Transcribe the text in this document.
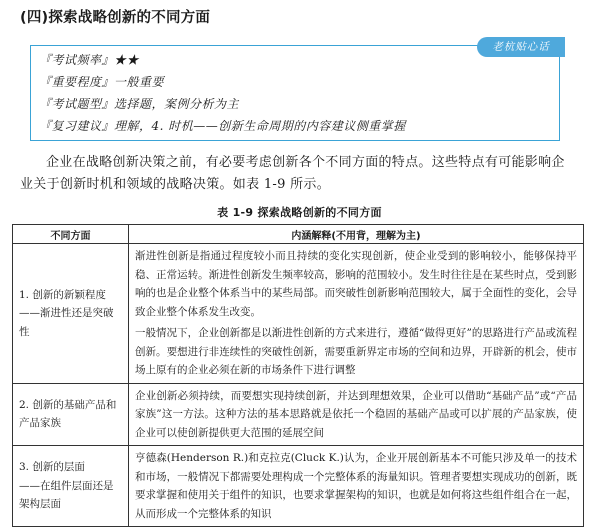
(四)探索战略创新的不同方面
老杭贴心话
『考试频率』★★
『重要程度』一般重要
『考试题型』选择题，案例分析为主
『复习建议』理解，4. 时机——创新生命周期的内容建议侧重掌握

企业在战略创新决策之前，有必要考虑创新各个不同方面的特点。这些特点有可能影响企业关于创新时机和领域的战略决策。如表 1-9 所示。

表 1-9 探索战略创新的不同方面
不同方面	内涵解释(不用背，理解为主)

1. 创新的新颖程度
——渐进性还是突破性	渐进性创新是指通过程度较小而且持续的变化实现创新，使企业受到的影响较小，能够保持平稳、正常运转。渐进性创新发生频率较高，影响的范围较小。发生时往往是在某些时点，受到影响的也是企业整个体系当中的某些局部。而突破性创新影响范围较大，属于全面性的变化，会导致企业整个体系发生改变。
一般情况下，企业创新都是以渐进性创新的方式来进行，遵循“做得更好”的思路进行产品或流程创新。要想进行非连续性的突破性创新，需要重新界定市场的空间和边界，开辟新的机会，使市场上原有的企业必须在新的市场条件下进行调整

2. 创新的基础产品和产品家族	企业创新必须持续，而要想实现持续创新，并达到理想效果，企业可以借助“基础产品”或“产品家族”这一方法。这种方法的基本思路就是依托一个稳固的基础产品或可以扩展的产品家族，使企业可以使创新提供更大范围的延展空间

3. 创新的层面
——在组件层面还是架构层面	亨德森(Henderson R.)和克拉克(Cluck K.)认为，企业开展创新基本不可能只涉及单一的技术和市场，一般情况下都需要处理构成一个完整体系的海量知识。管理者要想实现成功的创新，既要求掌握和使用关于组件的知识，也要求掌握架构的知识，也就是如何将这些组件组合在一起，从而形成一个完整体系的知识
